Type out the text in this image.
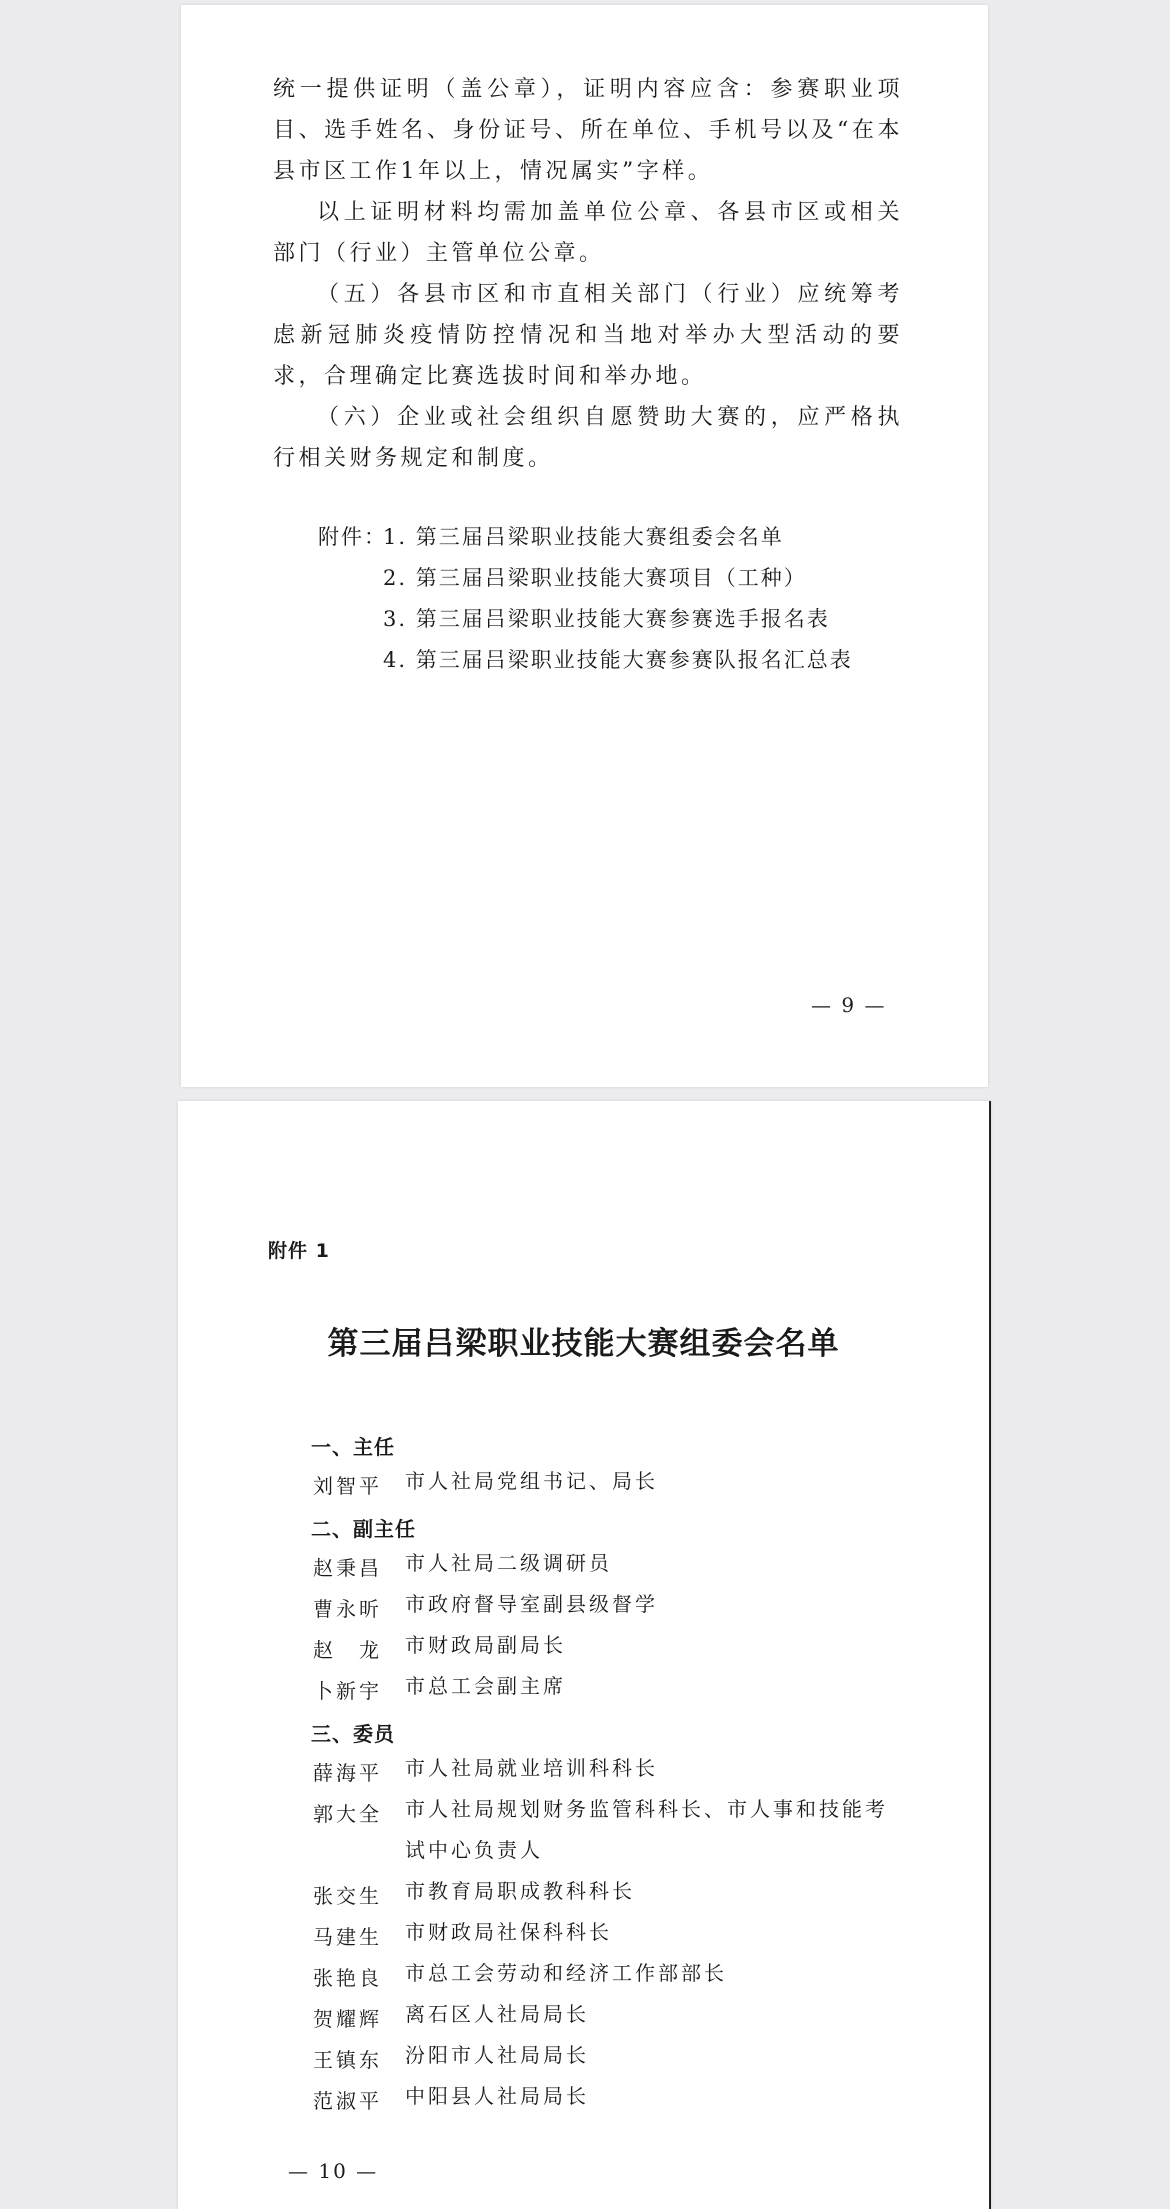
统一提供证明（盖公章），证明内容应含：参赛职业项目、选手姓名、身份证号、所在单位、手机号以及“在本县市区工作1年以上，情况属实”字样。

以上证明材料均需加盖单位公章、各县市区或相关部门（行业）主管单位公章。

（五）各县市区和市直相关部门（行业）应统筹考虑新冠肺炎疫情防控情况和当地对举办大型活动的要求，合理确定比赛选拔时间和举办地。

（六）企业或社会组织自愿赞助大赛的，应严格执行相关财务规定和制度。

附件：
1. 第三届吕梁职业技能大赛组委会名单
2. 第三届吕梁职业技能大赛项目（工种）
3. 第三届吕梁职业技能大赛参赛选手报名表
4. 第三届吕梁职业技能大赛参赛队报名汇总表
— 9 —
附件 1
第三届吕梁职业技能大赛组委会名单
一、主任
刘智平 市人社局党组书记、局长
二、副主任
赵秉昌 市人社局二级调研员
曹永昕 市政府督导室副县级督学
赵　龙 市财政局副局长
卜新宇 市总工会副主席
三、委员
薛海平 市人社局就业培训科科长
郭大全 市人社局规划财务监管科科长、市人事和技能考试中心负责人
张交生 市教育局职成教科科长
马建生 市财政局社保科科长
张艳良 市总工会劳动和经济工作部部长
贺耀辉 离石区人社局局长
王镇东 汾阳市人社局局长
范淑平 中阳县人社局局长
— 10 —
